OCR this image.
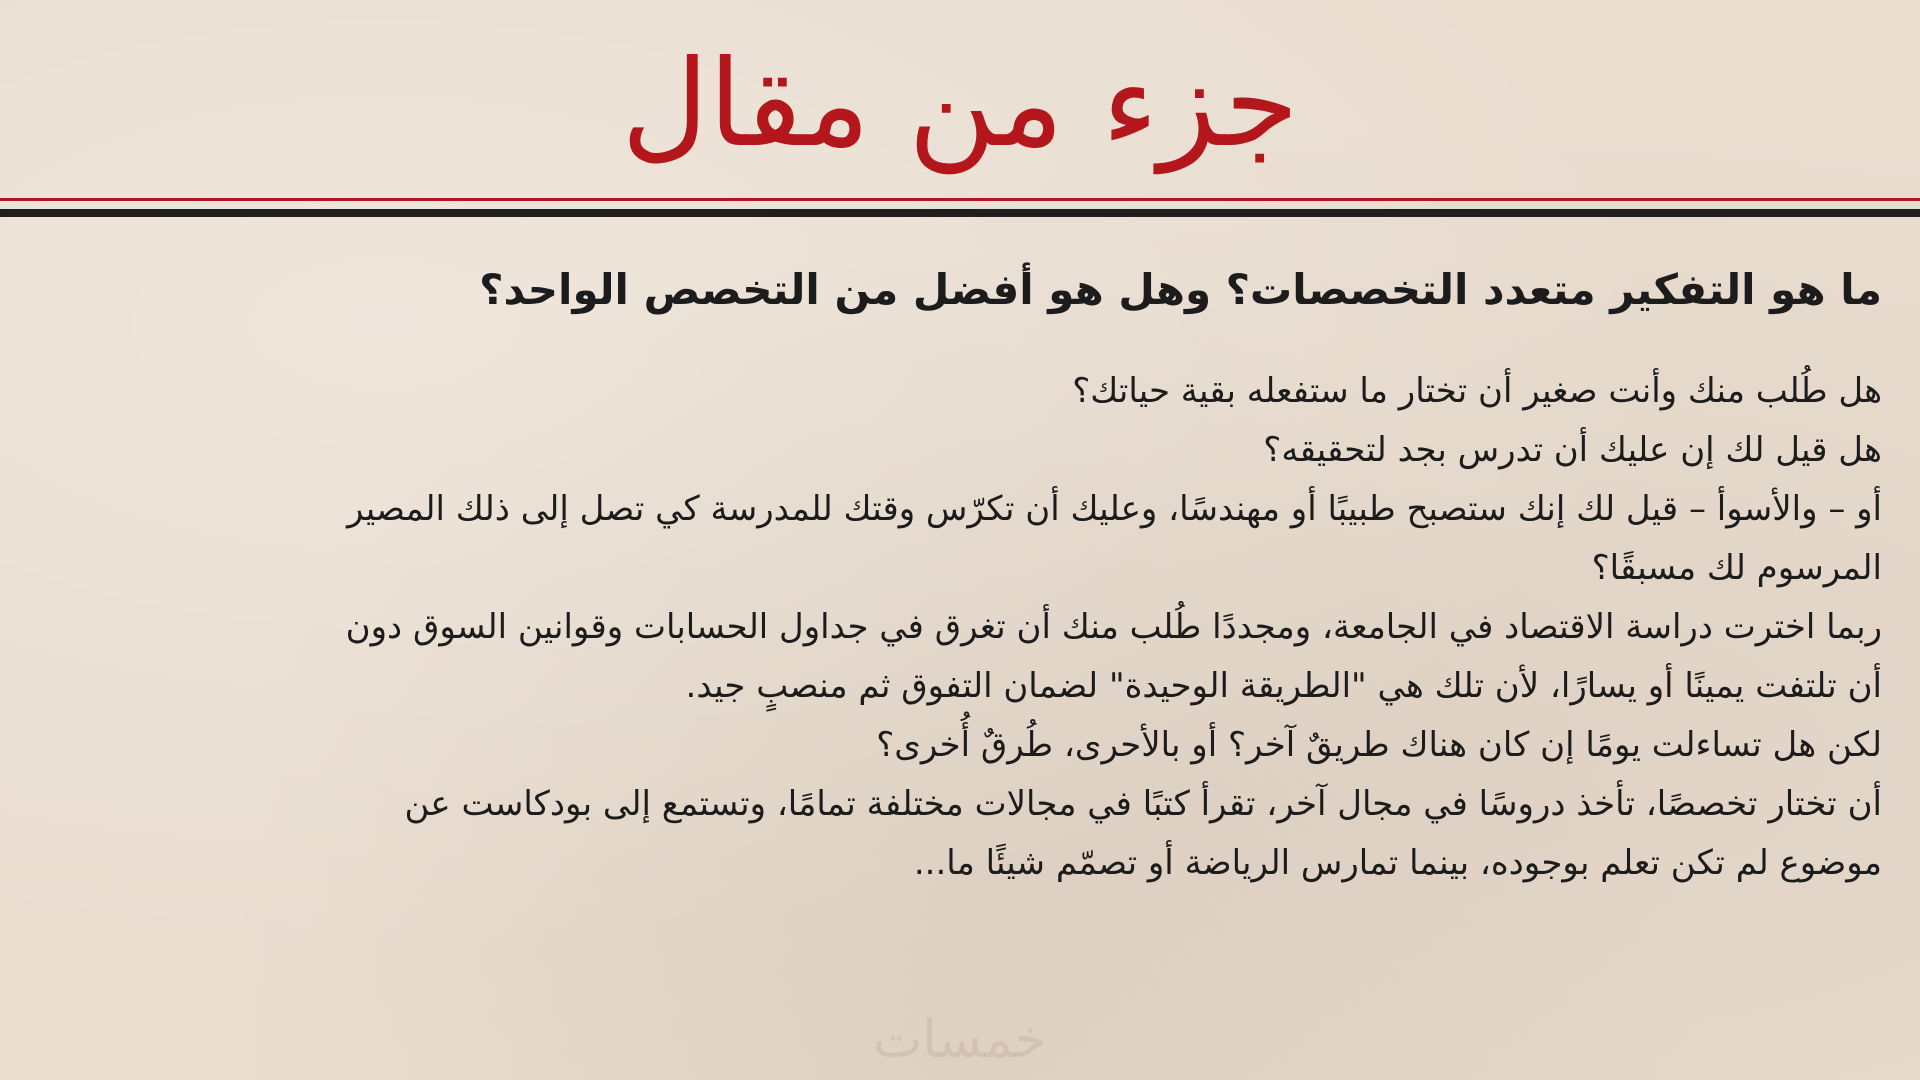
جزء من مقال
ما هو التفكير متعدد التخصصات؟ وهل هو أفضل من التخصص الواحد؟
هل طُلب منك وأنت صغير أن تختار ما ستفعله بقية حياتك؟
هل قيل لك إن عليك أن تدرس بجد لتحقيقه؟
أو – والأسوأ – قيل لك إنك ستصبح طبيبًا أو مهندسًا، وعليك أن تكرّس وقتك للمدرسة كي تصل إلى ذلك المصير
المرسوم لك مسبقًا؟
ربما اخترت دراسة الاقتصاد في الجامعة، ومجددًا طُلب منك أن تغرق في جداول الحسابات وقوانين السوق دون
أن تلتفت يمينًا أو يسارًا، لأن تلك هي "الطريقة الوحيدة" لضمان التفوق ثم منصبٍ جيد.
لكن هل تساءلت يومًا إن كان هناك طريقٌ آخر؟ أو بالأحرى، طُرقٌ أُخرى؟
أن تختار تخصصًا، تأخذ دروسًا في مجال آخر، تقرأ كتبًا في مجالات مختلفة تمامًا، وتستمع إلى بودكاست عن
موضوع لم تكن تعلم بوجوده، بينما تمارس الرياضة أو تصمّم شيئًا ما...
خمسات
